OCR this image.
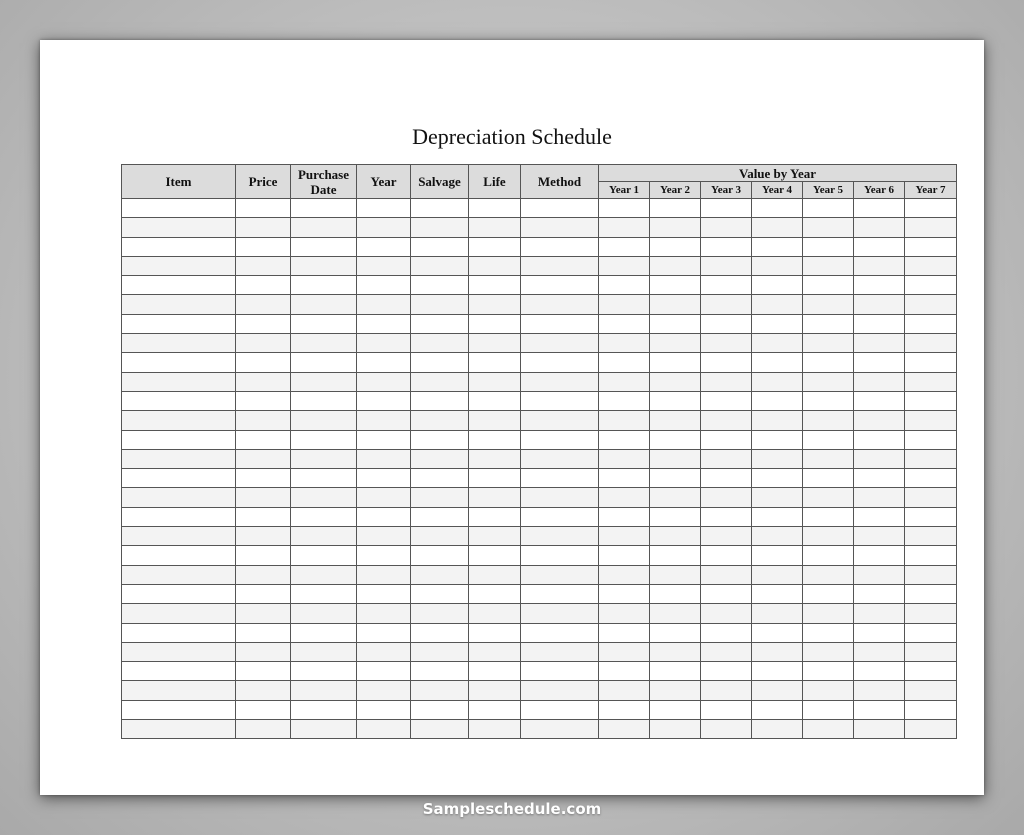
Depreciation Schedule
Item	Price	Purchase Date	Year	Salvage	Life	Method	Value by Year						
							Year 1	Year 2	Year 3	Year 4	Year 5	Year 6	Year 7

Sampleschedule.com
